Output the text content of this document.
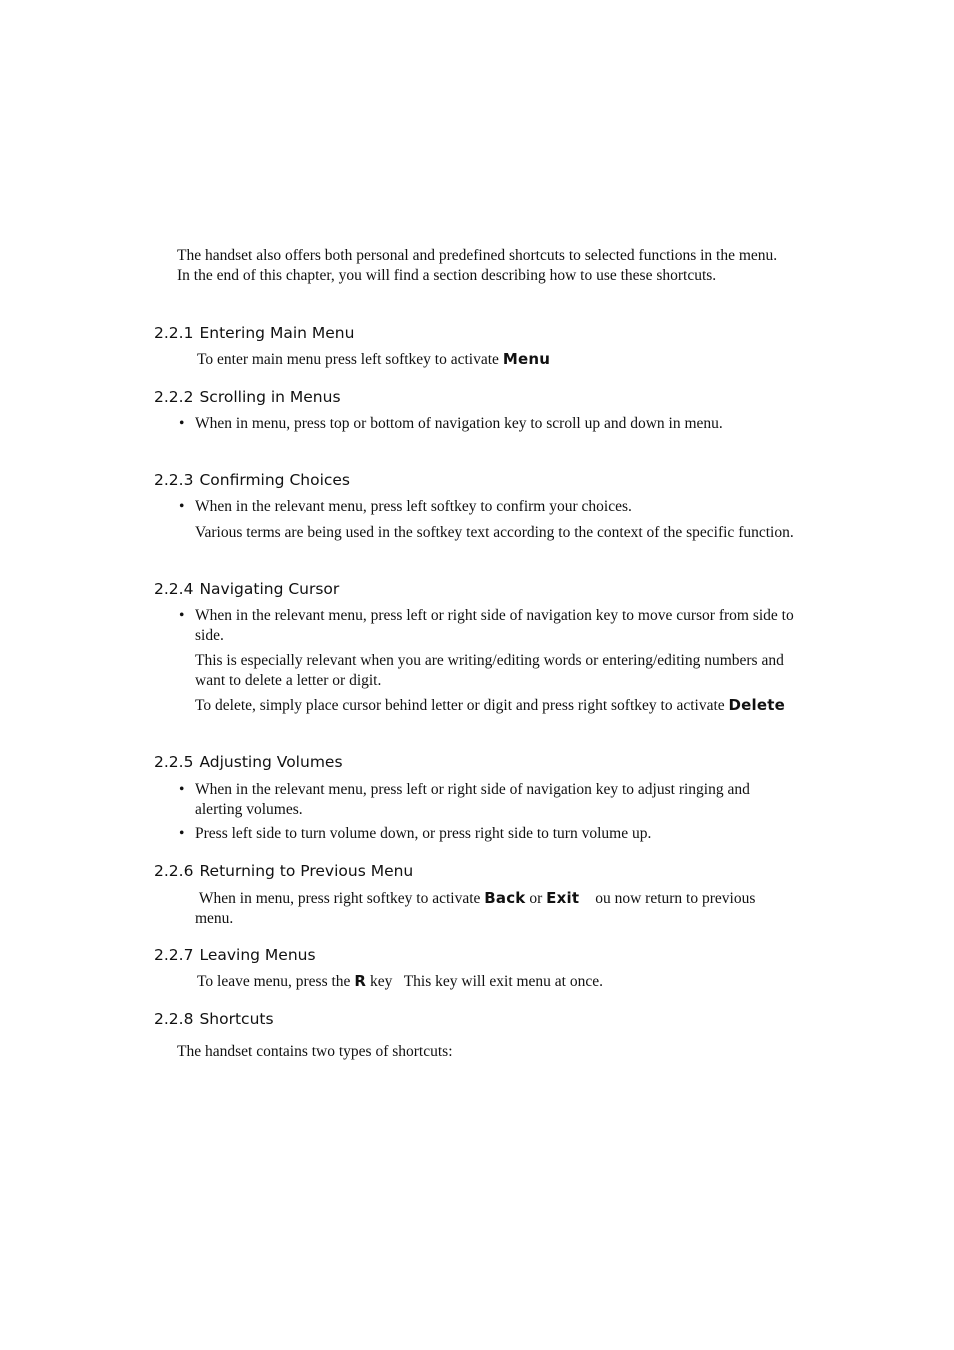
The handset also offers both personal and predefined shortcuts to selected functions in the menu. In the end of this chapter, you will find a section describing how to use these shortcuts.

2.2.1 Entering Main Menu

To enter main menu press left softkey to activate Menu

2.2.2 Scrolling in Menus

• When in menu, press top or bottom of navigation key to scroll up and down in menu.

2.2.3 Confirming Choices

• When in the relevant menu, press left softkey to confirm your choices.

Various terms are being used in the softkey text according to the context of the specific function.

2.2.4 Navigating Cursor

• When in the relevant menu, press left or right side of navigation key to move cursor from side to side.

This is especially relevant when you are writing/editing words or entering/editing numbers and want to delete a letter or digit.

To delete, simply place cursor behind letter or digit and press right softkey to activate Delete

2.2.5 Adjusting Volumes

• When in the relevant menu, press left or right side of navigation key to adjust ringing and alerting volumes.

• Press left side to turn volume down, or press right side to turn volume up.

2.2.6 Returning to Previous Menu

When in menu, press right softkey to activate Back or Exit ou now return to previous menu.

2.2.7 Leaving Menus

To leave menu, press the R key This key will exit menu at once.

2.2.8 Shortcuts

The handset contains two types of shortcuts:
